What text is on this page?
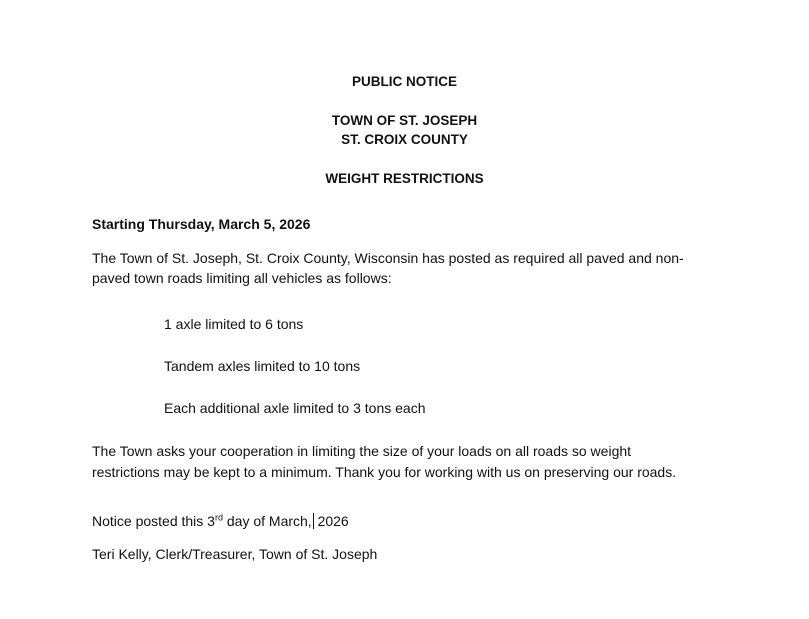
PUBLIC NOTICE

TOWN OF ST. JOSEPH

ST. CROIX COUNTY

WEIGHT RESTRICTIONS

Starting Thursday, March 5, 2026

The Town of St. Joseph, St. Croix County, Wisconsin has posted as required all paved and non-

paved town roads limiting all vehicles as follows:

1 axle limited to 6 tons

Tandem axles limited to 10 tons

Each additional axle limited to 3 tons each

The Town asks your cooperation in limiting the size of your loads on all roads so weight

restrictions may be kept to a minimum. Thank you for working with us on preserving our roads.

Notice posted this 3rd day of March, 2026

Teri Kelly, Clerk/Treasurer, Town of St. Joseph
